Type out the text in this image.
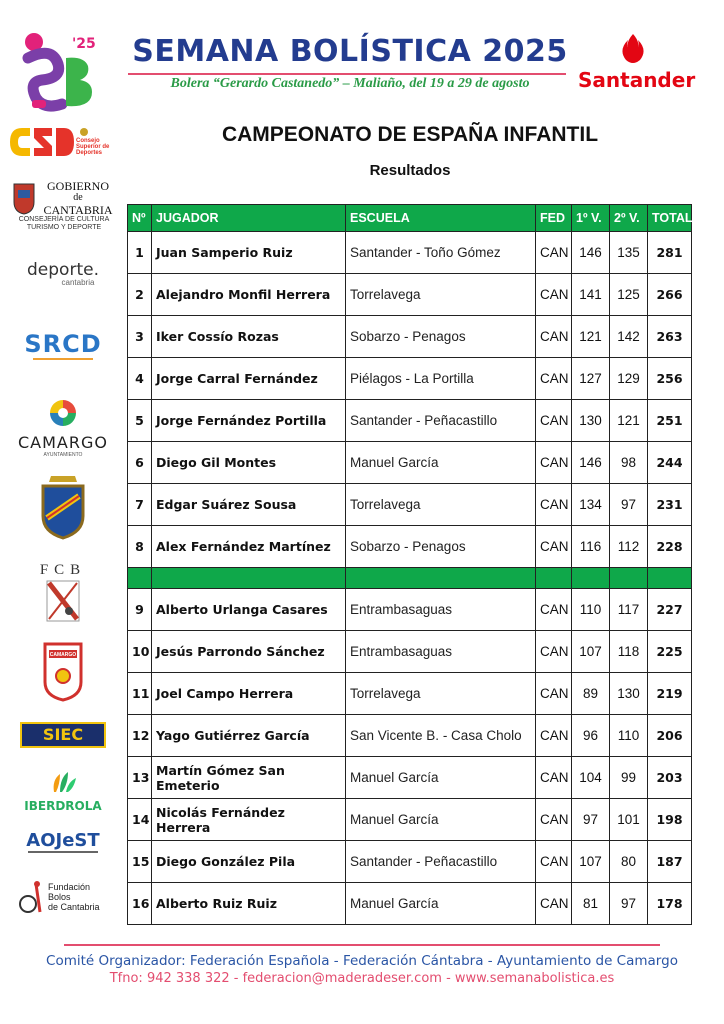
'25	SEMANA BOLÍSTICA 2025
Bolera “Gerardo Castanedo” – Maliaño, del 19 a 29 de agosto	Santander
CAMPEONATO DE ESPAÑA INFANTIL
Resultados
Consejo Superior de Deportes
GOBIERNO
de
CANTABRIA
CONSEJERÍA DE CULTURA
TURISMO Y DEPORTE
deporte.
cantabria
SRCD
CAMARGO
AYUNTAMIENTO
FCB
CAMARGO
SIEC
IBERDROLA
AOJeST
Fundación
Bolos
de Cantabria
Nº	JUGADOR	ESCUELA	FED	1º V.	2º V.	TOTAL
1	Juan Samperio Ruiz	Santander - Toño Gómez	CAN	146	135	281
2	Alejandro Monfil Herrera	Torrelavega	CAN	141	125	266
3	Iker Cossío Rozas	Sobarzo - Penagos	CAN	121	142	263
4	Jorge Carral Fernández	Piélagos - La Portilla	CAN	127	129	256
5	Jorge Fernández Portilla	Santander - Peñacastillo	CAN	130	121	251
6	Diego Gil Montes	Manuel García	CAN	146	98	244
7	Edgar Suárez Sousa	Torrelavega	CAN	134	97	231
8	Alex Fernández Martínez	Sobarzo - Penagos	CAN	116	112	228

9	Alberto Urlanga Casares	Entrambasaguas	CAN	110	117	227
10	Jesús Parrondo Sánchez	Entrambasaguas	CAN	107	118	225
11	Joel Campo Herrera	Torrelavega	CAN	89	130	219
12	Yago Gutiérrez García	San Vicente B. - Casa Cholo	CAN	96	110	206
13	Martín Gómez San Emeterio	Manuel García	CAN	104	99	203
14	Nicolás Fernández Herrera	Manuel García	CAN	97	101	198
15	Diego González Pila	Santander - Peñacastillo	CAN	107	80	187
16	Alberto Ruiz Ruiz	Manuel García	CAN	81	97	178
Comité Organizador: Federación Española - Federación Cántabra - Ayuntamiento de Camargo
Tfno: 942 338 322 - federacion@maderadeser.com - www.semanabolistica.es
